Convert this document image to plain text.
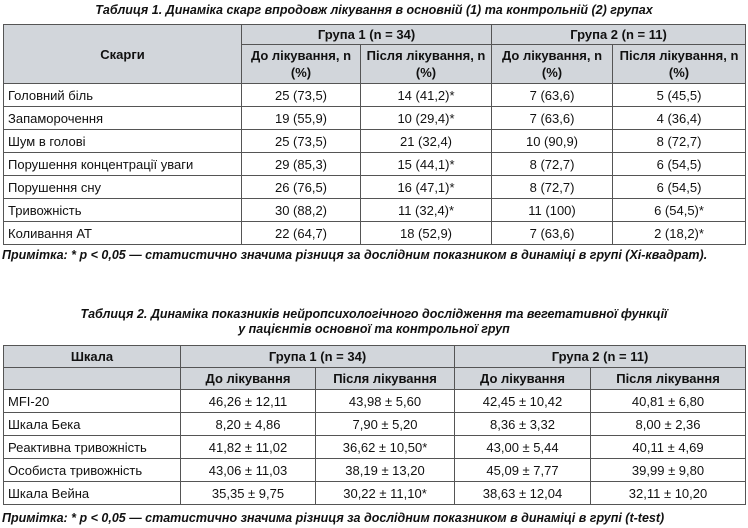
Таблиця 1. Динаміка скарг впродовж лікування в основній (1) та контрольній (2) групах

Скарги	Група 1 (n = 34)		Група 2 (n = 11)	
	До лікування, n (%)	Після лікування, n (%)	До лікування, n (%)	Після лікування, n (%)
Головний біль	25 (73,5)	14 (41,2)*	7 (63,6)	5 (45,5)
Запаморочення	19 (55,9)	10 (29,4)*	7 (63,6)	4 (36,4)
Шум в голові	25 (73,5)	21 (32,4)	10 (90,9)	8 (72,7)
Порушення концентрації уваги	29 (85,3)	15 (44,1)*	8 (72,7)	6 (54,5)
Порушення сну	26 (76,5)	16 (47,1)*	8 (72,7)	6 (54,5)
Тривожність	30 (88,2)	11 (32,4)*	11 (100)	6 (54,5)*
Коливання АТ	22 (64,7)	18 (52,9)	7 (63,6)	2 (18,2)*

Примітка: * p < 0,05 — статистично значима різниця за дослідним показником в динаміці в групі (Хі-квадрат).

Таблиця 2. Динаміка показників нейропсихологічного дослідження та вегетативної функції

у пацієнтів основної та контрольної груп

Шкала	Група 1 (n = 34)		Група 2 (n = 11)	
	До лікування	Після лікування	До лікування	Після лікування
MFI-20	46,26 ± 12,11	43,98 ± 5,60	42,45 ± 10,42	40,81 ± 6,80
Шкала Бека	8,20 ± 4,86	7,90 ± 5,20	8,36 ± 3,32	8,00 ± 2,36
Реактивна тривожність	41,82 ± 11,02	36,62 ± 10,50*	43,00 ± 5,44	40,11 ± 4,69
Особиста тривожність	43,06 ± 11,03	38,19 ± 13,20	45,09 ± 7,77	39,99 ± 9,80
Шкала Вейна	35,35 ± 9,75	30,22 ± 11,10*	38,63 ± 12,04	32,11 ± 10,20

Примітка: * p < 0,05 — статистично значима різниця за дослідним показником в динаміці в групі (t-test)
